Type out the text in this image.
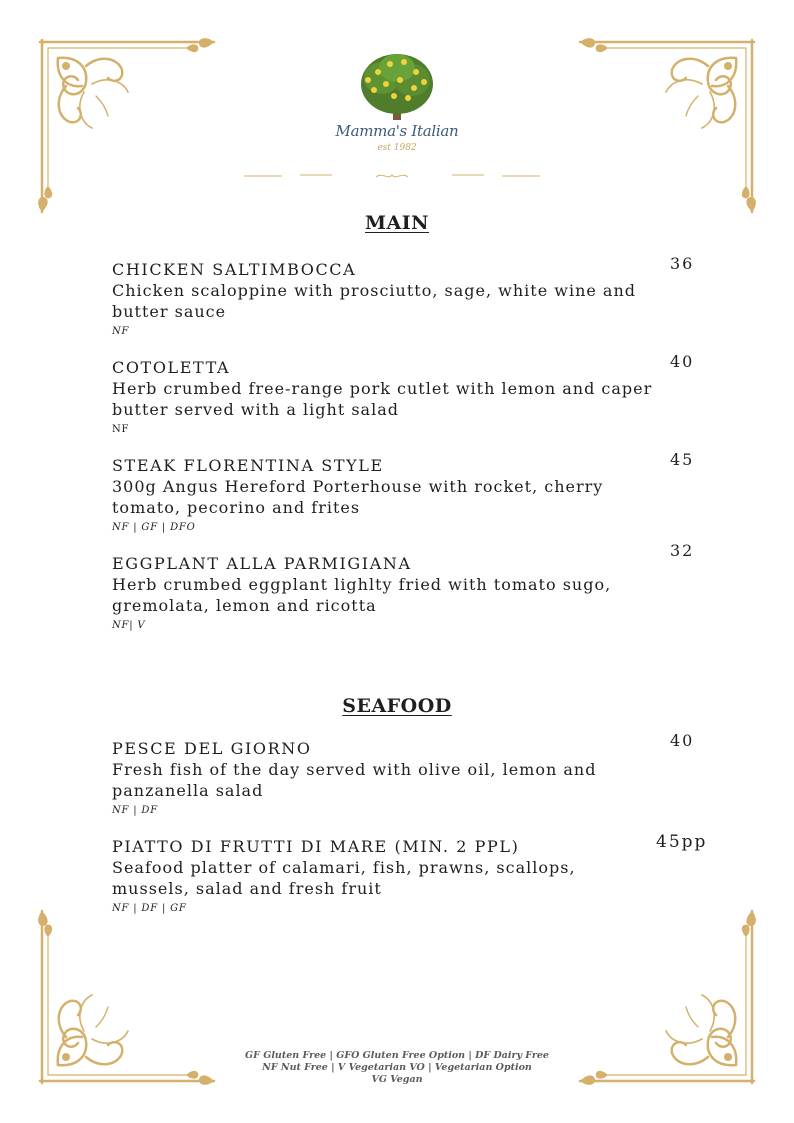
Mamma's Italian
est 1982
MAIN
CHICKEN SALTIMBOCCA
Chicken scaloppine with prosciutto, sage, white wine and butter sauce
NF
36
COTOLETTA
Herb crumbed free-range pork cutlet with lemon and caper butter served with a light salad
NF
40
STEAK FLORENTINA STYLE
300g Angus Hereford Porterhouse with rocket, cherry tomato, pecorino and frites
NF | GF | DFO
45
EGGPLANT ALLA PARMIGIANA
Herb crumbed eggplant lighlty fried with tomato sugo, gremolata, lemon and ricotta
NF| V
32
SEAFOOD
PESCE DEL GIORNO
Fresh fish of the day served with olive oil, lemon and panzanella salad
NF | DF
40
PIATTO DI FRUTTI DI MARE (MIN. 2 PPL)
Seafood platter of calamari, fish, prawns, scallops, mussels, salad and fresh fruit
NF | DF | GF
45pp
GF Gluten Free | GFO Gluten Free Option | DF Dairy Free
NF Nut Free | V Vegetarian VO | Vegetarian Option
VG Vegan
